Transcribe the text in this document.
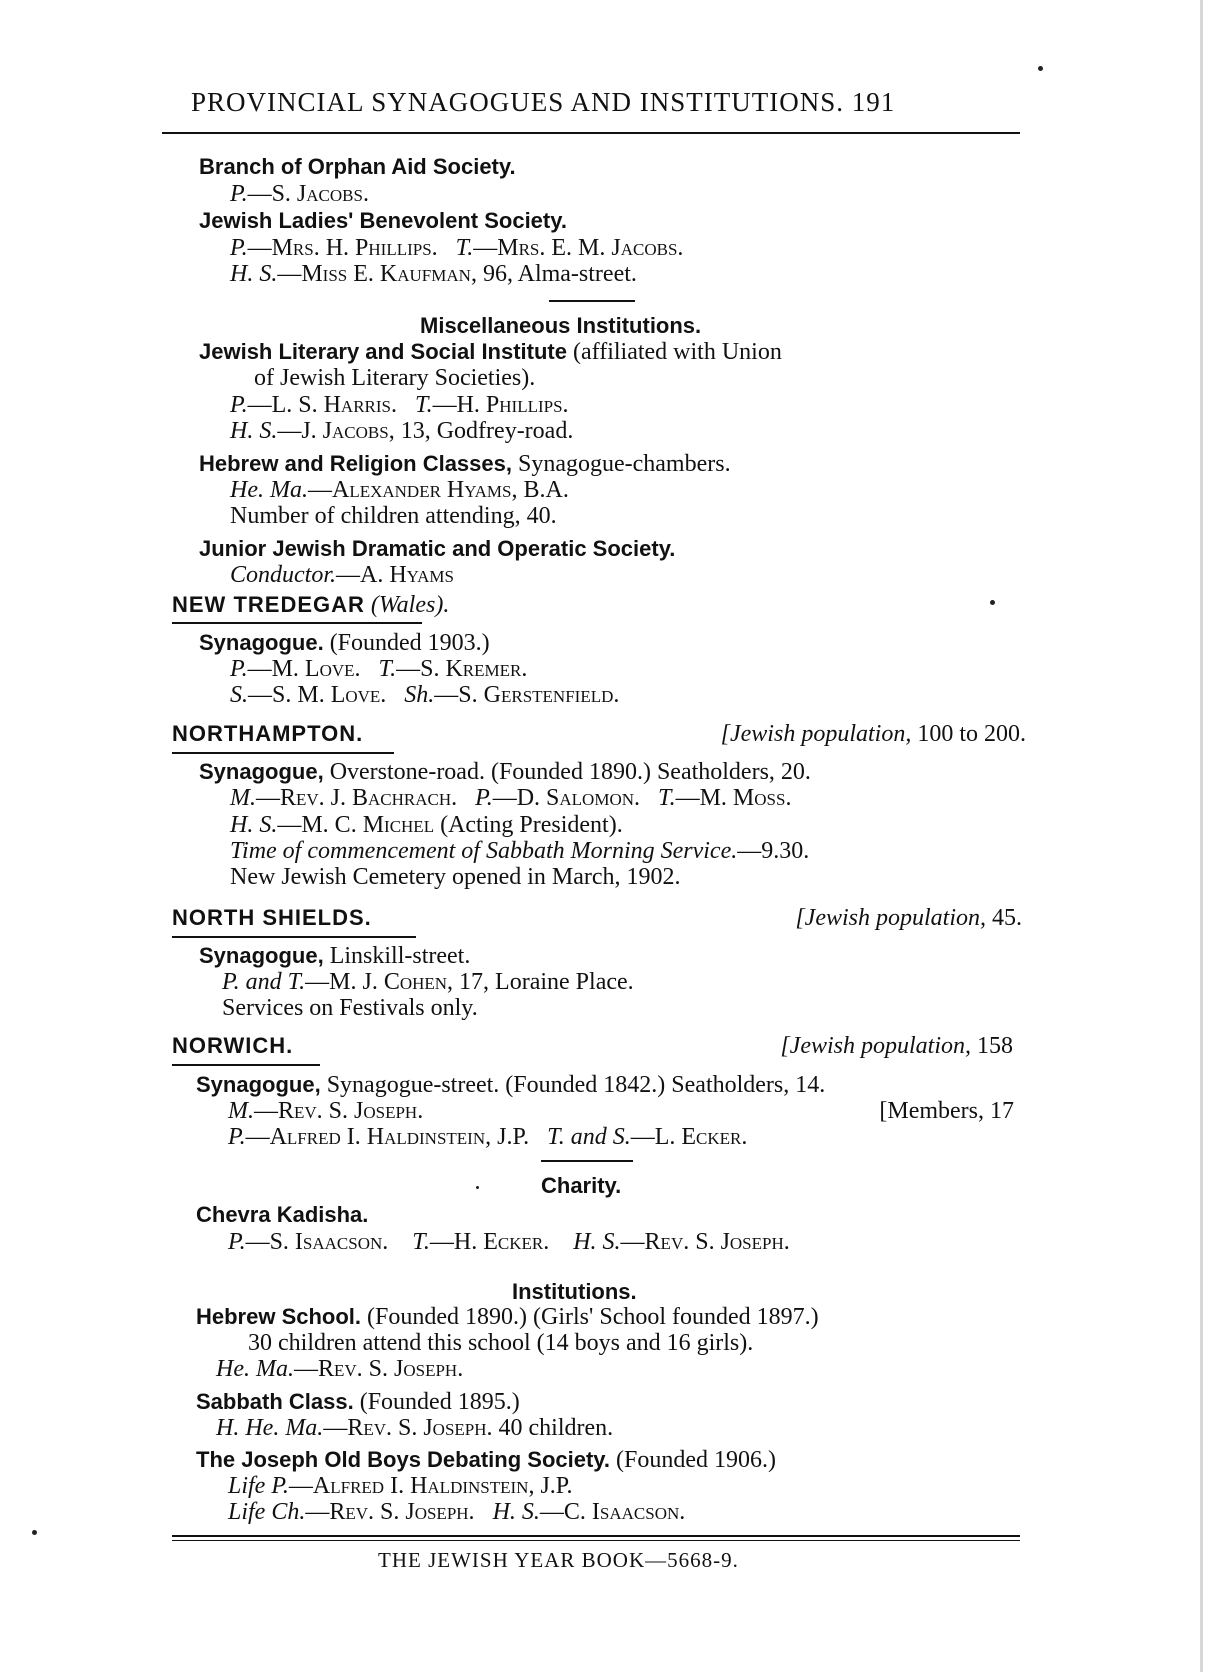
PROVINCIAL SYNAGOGUES AND INSTITUTIONS. 191
Branch of Orphan Aid Society.
P.—S. Jacobs.
Jewish Ladies' Benevolent Society.
P.—Mrs. H. Phillips. T.—Mrs. E. M. Jacobs.
H. S.—Miss E. Kaufman, 96, Alma-street.
Miscellaneous Institutions.
Jewish Literary and Social Institute (affiliated with Union
of Jewish Literary Societies).
P.—L. S. Harris. T.—H. Phillips.
H. S.—J. Jacobs, 13, Godfrey-road.
Hebrew and Religion Classes, Synagogue-chambers.
He. Ma.—Alexander Hyams, B.A.
Number of children attending, 40.
Junior Jewish Dramatic and Operatic Society.
Conductor.—A. Hyams
NEW TREDEGAR (Wales).
Synagogue. (Founded 1903.)
P.—M. Love. T.—S. Kremer.
S.—S. M. Love. Sh.—S. Gerstenfield.
NORTHAMPTON.	[Jewish population, 100 to 200.
Synagogue, Overstone-road. (Founded 1890.) Seatholders, 20.
M.—Rev. J. Bachrach. P.—D. Salomon. T.—M. Moss.
H. S.—M. C. Michel (Acting President).
Time of commencement of Sabbath Morning Service.—9.30.
New Jewish Cemetery opened in March, 1902.
NORTH SHIELDS.	[Jewish population, 45.
Synagogue, Linskill-street.
P. and T.—M. J. Cohen, 17, Loraine Place.
Services on Festivals only.
NORWICH.	[Jewish population, 158
Synagogue, Synagogue-street. (Founded 1842.) Seatholders, 14.
M.—Rev. S. Joseph.	[Members, 17
P.—Alfred I. Haldinstein, J.P. T. and S.—L. Ecker.
Charity.
Chevra Kadisha.
P.—S. Isaacson. T.—H. Ecker. H. S.—Rev. S. Joseph.
Institutions.
Hebrew School. (Founded 1890.) (Girls' School founded 1897.)
30 children attend this school (14 boys and 16 girls).
He. Ma.—Rev. S. Joseph.
Sabbath Class. (Founded 1895.)
H. He. Ma.—Rev. S. Joseph. 40 children.
The Joseph Old Boys Debating Society. (Founded 1906.)
Life P.—Alfred I. Haldinstein, J.P.
Life Ch.—Rev. S. Joseph. H. S.—C. Isaacson.
THE JEWISH YEAR BOOK—5668-9.
